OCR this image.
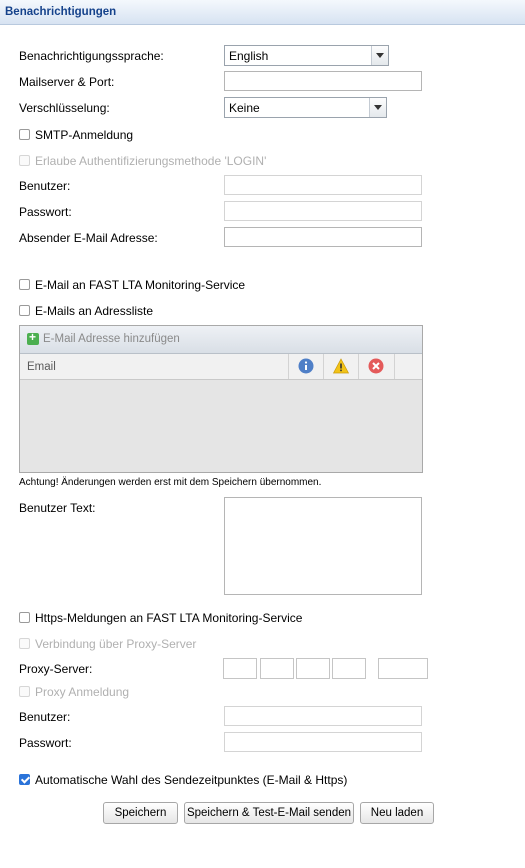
Benachrichtigungen
Benachrichtigungssprache:	English
Mailserver & Port:
Verschlüsselung:	Keine
SMTP-Anmeldung
Erlaube Authentifizierungsmethode 'LOGIN'
Benutzer:
Passwort:
Absender E-Mail Adresse:
E-Mail an FAST LTA Monitoring-Service
E-Mails an Adressliste
+
E-Mail Adresse hinzufügen
Email
Achtung! Änderungen werden erst mit dem Speichern übernommen.
Benutzer Text:
Https-Meldungen an FAST LTA Monitoring-Service
Verbindung über Proxy-Server
Proxy-Server:
Proxy Anmeldung
Benutzer:
Passwort:
Automatische Wahl des Sendezeitpunktes (E-Mail & Https)
Speichern	Speichern & Test-E-Mail senden	Neu laden
